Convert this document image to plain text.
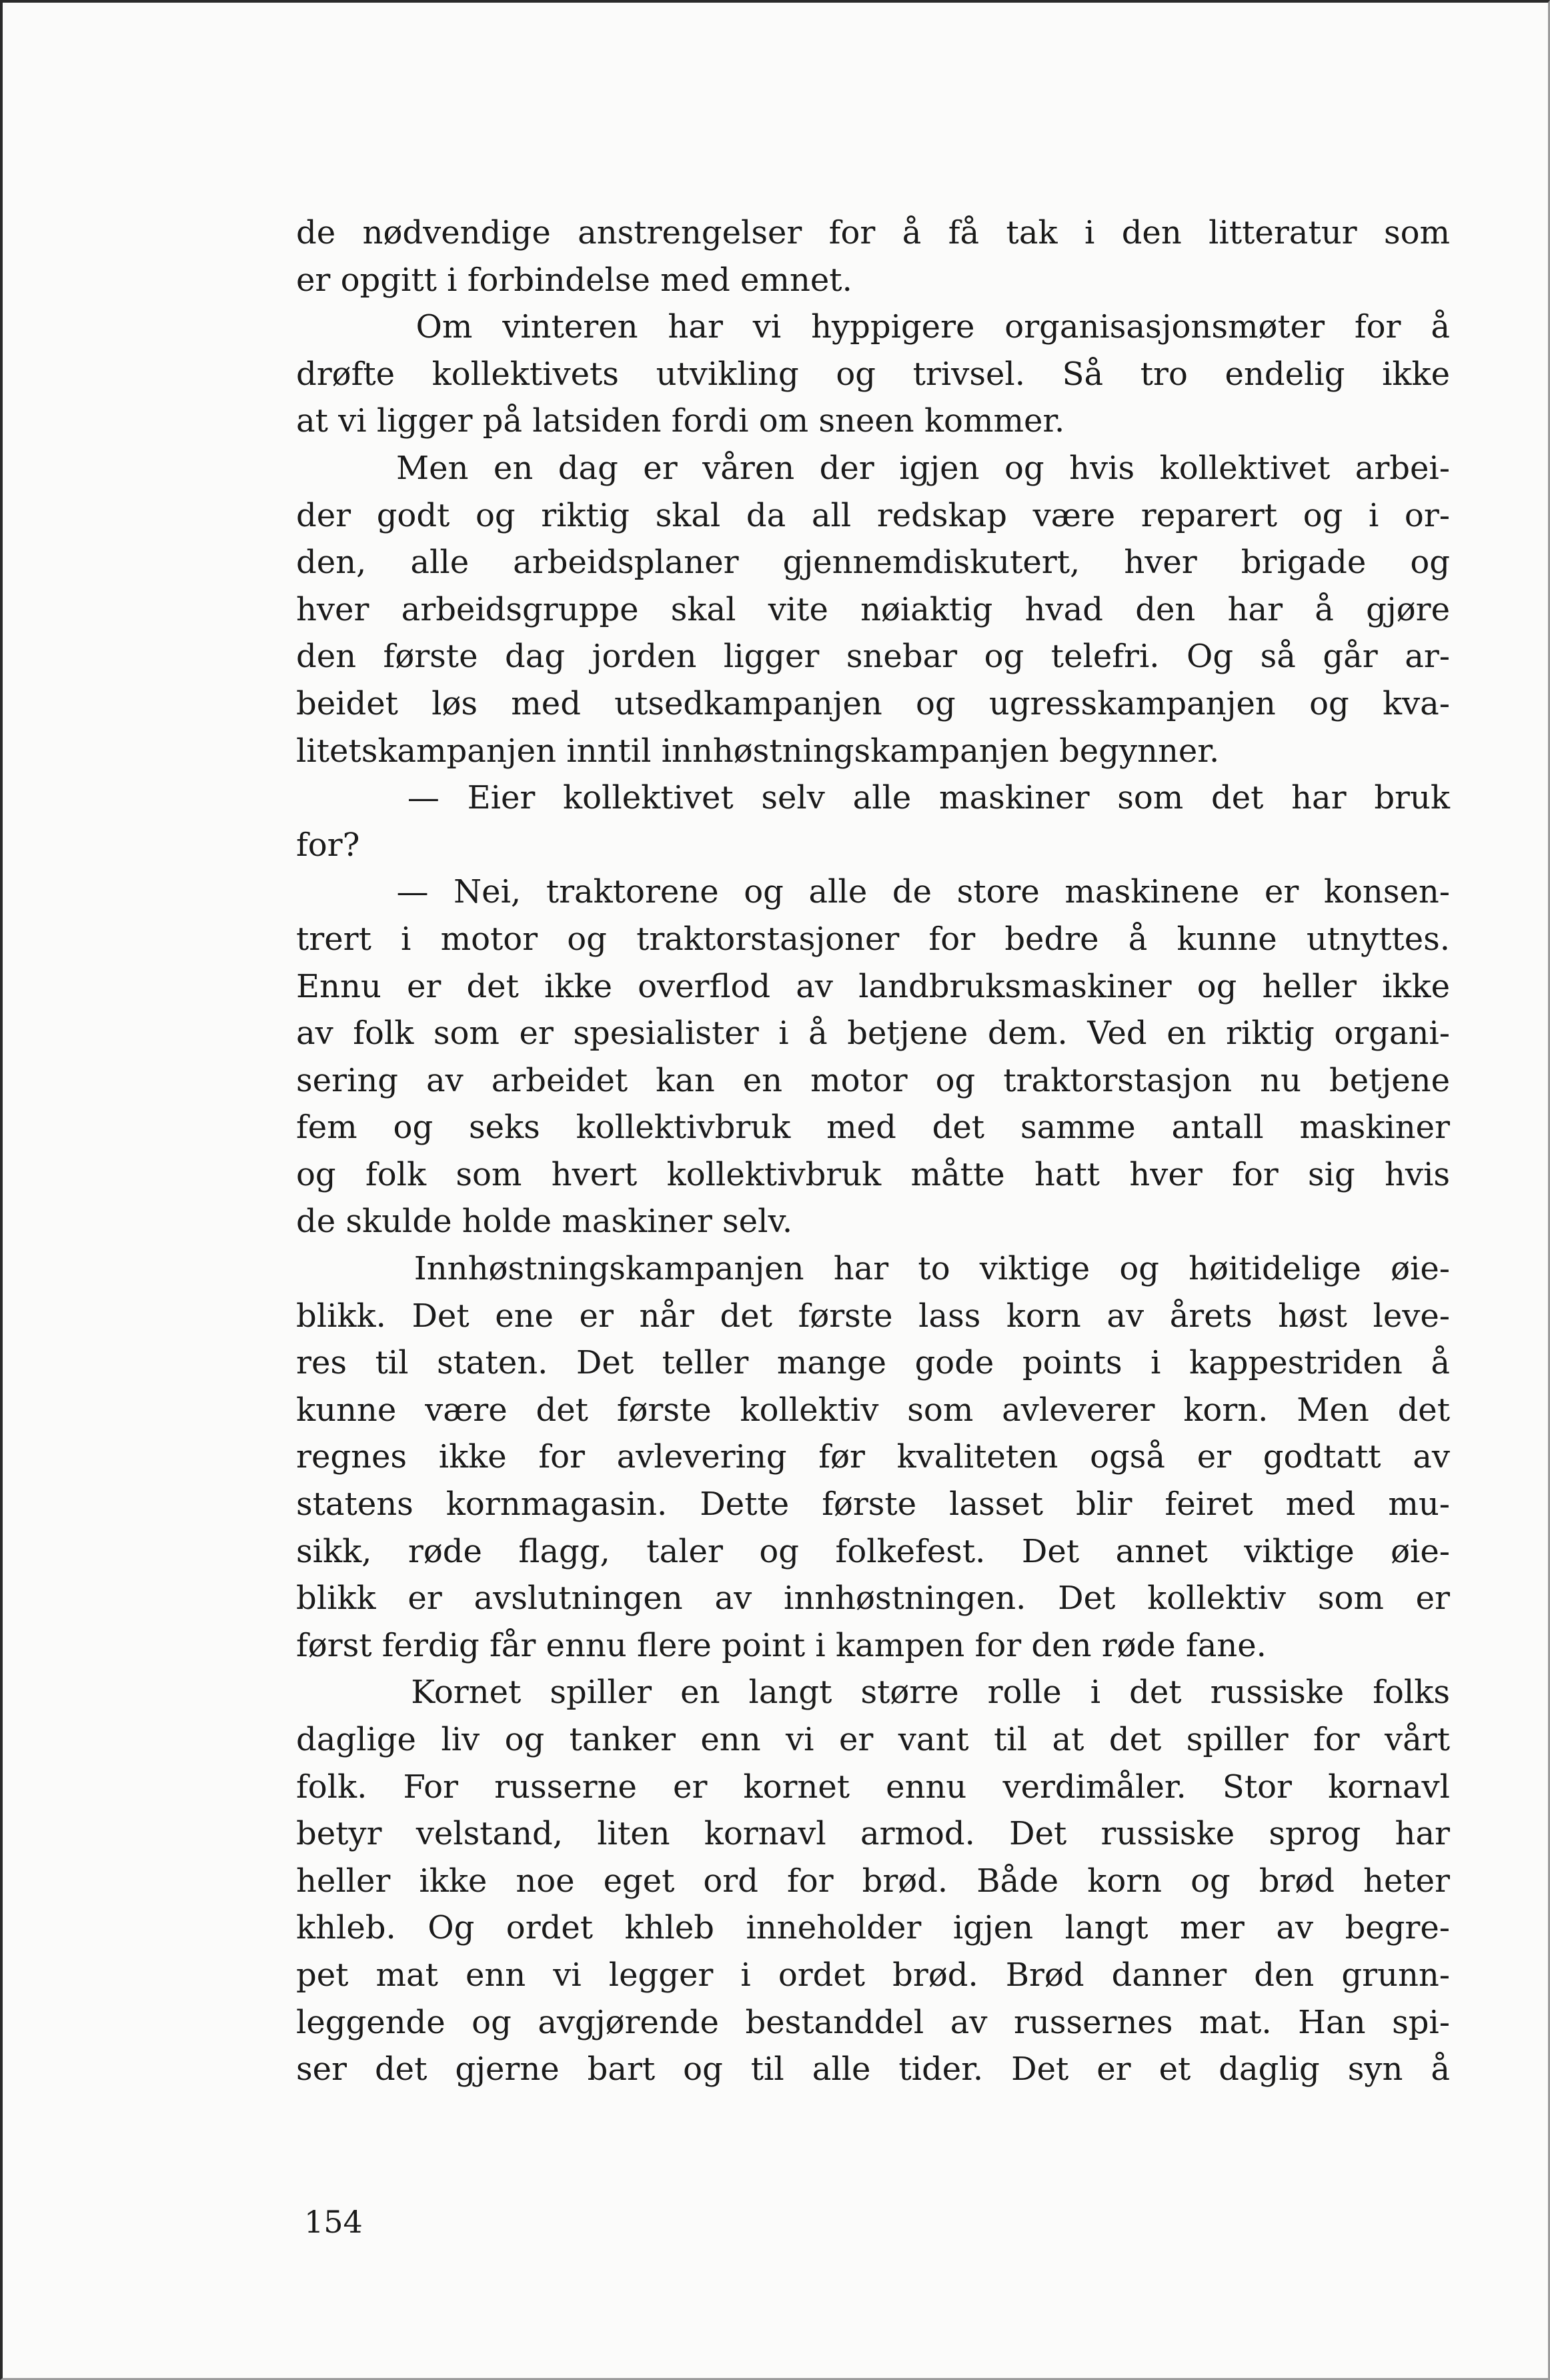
de nødvendige anstrengelser for å få tak i den litteratur som
er opgitt i forbindelse med emnet.
Om vinteren har vi hyppigere organisasjonsmøter for å
drøfte kollektivets utvikling og trivsel. Så tro endelig ikke
at vi ligger på latsiden fordi om sneen kommer.
Men en dag er våren der igjen og hvis kollektivet arbei-
der godt og riktig skal da all redskap være reparert og i or-
den, alle arbeidsplaner gjennemdiskutert, hver brigade og
hver arbeidsgruppe skal vite nøiaktig hvad den har å gjøre
den første dag jorden ligger snebar og telefri. Og så går ar-
beidet løs med utsedkampanjen og ugresskampanjen og kva-
litetskampanjen inntil innhøstningskampanjen begynner.
— Eier kollektivet selv alle maskiner som det har bruk
for?
— Nei, traktorene og alle de store maskinene er konsen-
trert i motor og traktorstasjoner for bedre å kunne utnyttes.
Ennu er det ikke overflod av landbruksmaskiner og heller ikke
av folk som er spesialister i å betjene dem. Ved en riktig organi-
sering av arbeidet kan en motor og traktorstasjon nu betjene
fem og seks kollektivbruk med det samme antall maskiner
og folk som hvert kollektivbruk måtte hatt hver for sig hvis
de skulde holde maskiner selv.
Innhøstningskampanjen har to viktige og høitidelige øie-
blikk. Det ene er når det første lass korn av årets høst leve-
res til staten. Det teller mange gode points i kappestriden å
kunne være det første kollektiv som avleverer korn. Men det
regnes ikke for avlevering før kvaliteten også er godtatt av
statens kornmagasin. Dette første lasset blir feiret med mu-
sikk, røde flagg, taler og folkefest. Det annet viktige øie-
blikk er avslutningen av innhøstningen. Det kollektiv som er
først ferdig får ennu flere point i kampen for den røde fane.
Kornet spiller en langt større rolle i det russiske folks
daglige liv og tanker enn vi er vant til at det spiller for vårt
folk. For russerne er kornet ennu verdimåler. Stor kornavl
betyr velstand, liten kornavl armod. Det russiske sprog har
heller ikke noe eget ord for brød. Både korn og brød heter
khleb. Og ordet khleb inneholder igjen langt mer av begre-
pet mat enn vi legger i ordet brød. Brød danner den grunn-
leggende og avgjørende bestanddel av russernes mat. Han spi-
ser det gjerne bart og til alle tider. Det er et daglig syn å
154
